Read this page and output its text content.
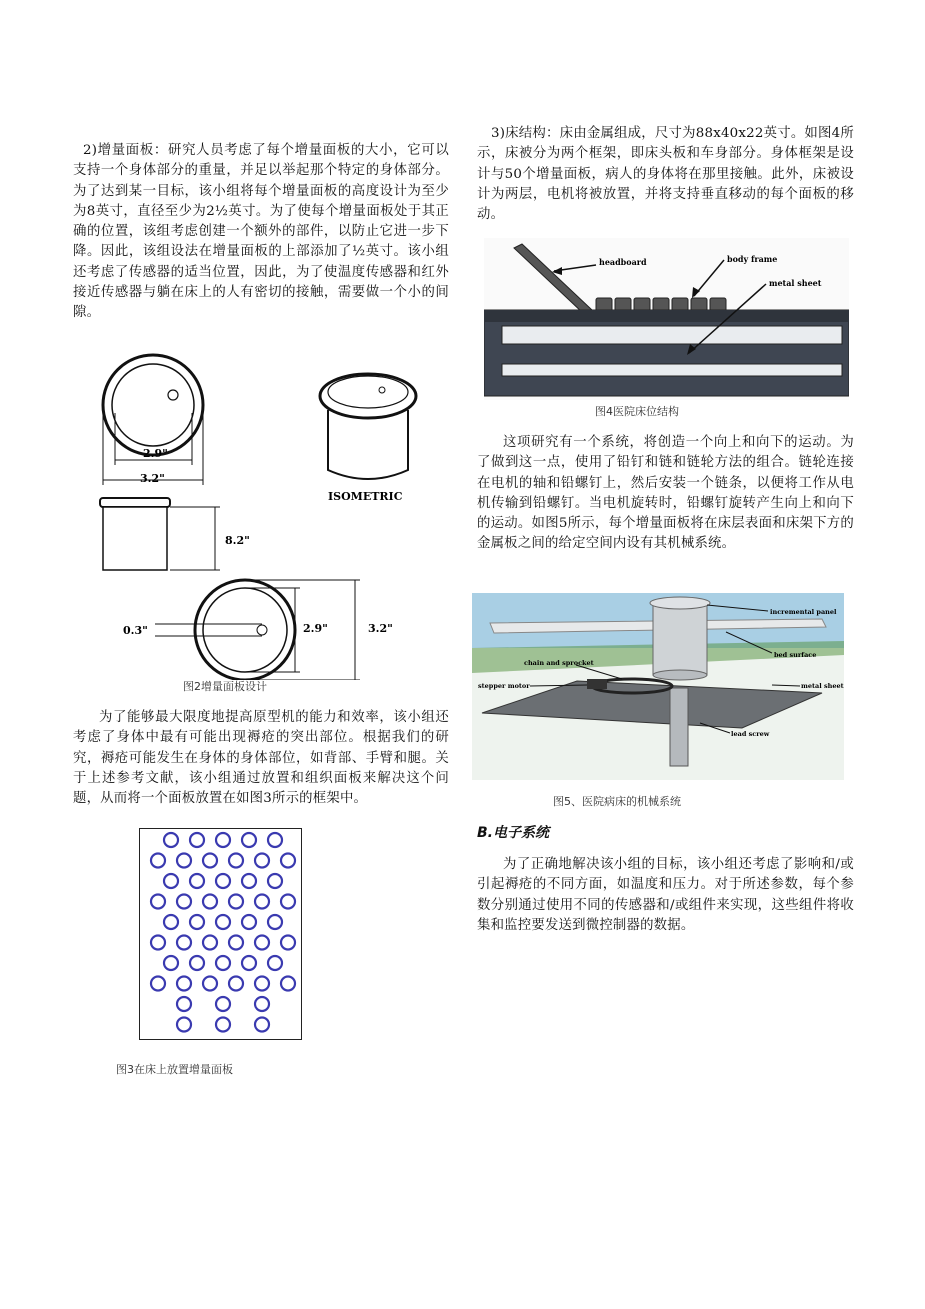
2)增量面板：研究人员考虑了每个增量面板的大小，它可以支持一个身体部分的重量，并足以举起那个特定的身体部分。为了达到某一目标，该小组将每个增量面板的高度设计为至少为8英寸，直径至少为2½英寸。为了使每个增量面板处于其正确的位置，该组考虑创建一个额外的部件，以防止它进一步下降。因此，该组设法在增量面板的上部添加了½英寸。该小组还考虑了传感器的适当位置，因此，为了使温度传感器和红外接近传感器与躺在床上的人有密切的接触，需要做一个小的间隙。

2.9"
3.2"
ISOMETRIC
8.2"
0.3"	2.9"	3.2"
图2增量面板设计

为了能够最大限度地提高原型机的能力和效率，该小组还考虑了身体中最有可能出现褥疮的突出部位。根据我们的研究，褥疮可能发生在身体的身体部位，如背部、手臂和腿。关于上述参考文献，该小组通过放置和组织面板来解决这个问题，从而将一个面板放置在如图3所示的框架中。

图3在床上放置增量面板

3)床结构：床由金属组成，尺寸为88x40x22英寸。如图4所示，床被分为两个框架，即床头板和车身部分。身体框架是设计与50个增量面板，病人的身体将在那里接触。此外，床被设计为两层，电机将被放置，并将支持垂直移动的每个面板的移动。

headboard	body frame
metal sheet
图4医院床位结构

这项研究有一个系统，将创造一个向上和向下的运动。为了做到这一点，使用了铅钉和链和链轮方法的组合。链轮连接在电机的轴和铅螺钉上，然后安装一个链条，以便将工作从电机传输到铅螺钉。当电机旋转时，铅螺钉旋转产生向上和向下的运动。如图5所示，每个增量面板将在床层表面和床架下方的金属板之间的给定空间内设有其机械系统。

incremental panel
bed surface
chain and sprocket
stepper motor	metal sheet
lead screw
图5、医院病床的机械系统
B.电子系统

为了正确地解决该小组的目标，该小组还考虑了影响和/或引起褥疮的不同方面，如温度和压力。对于所述参数，每个参数分别通过使用不同的传感器和/或组件来实现，这些组件将收集和监控要发送到微控制器的数据。
